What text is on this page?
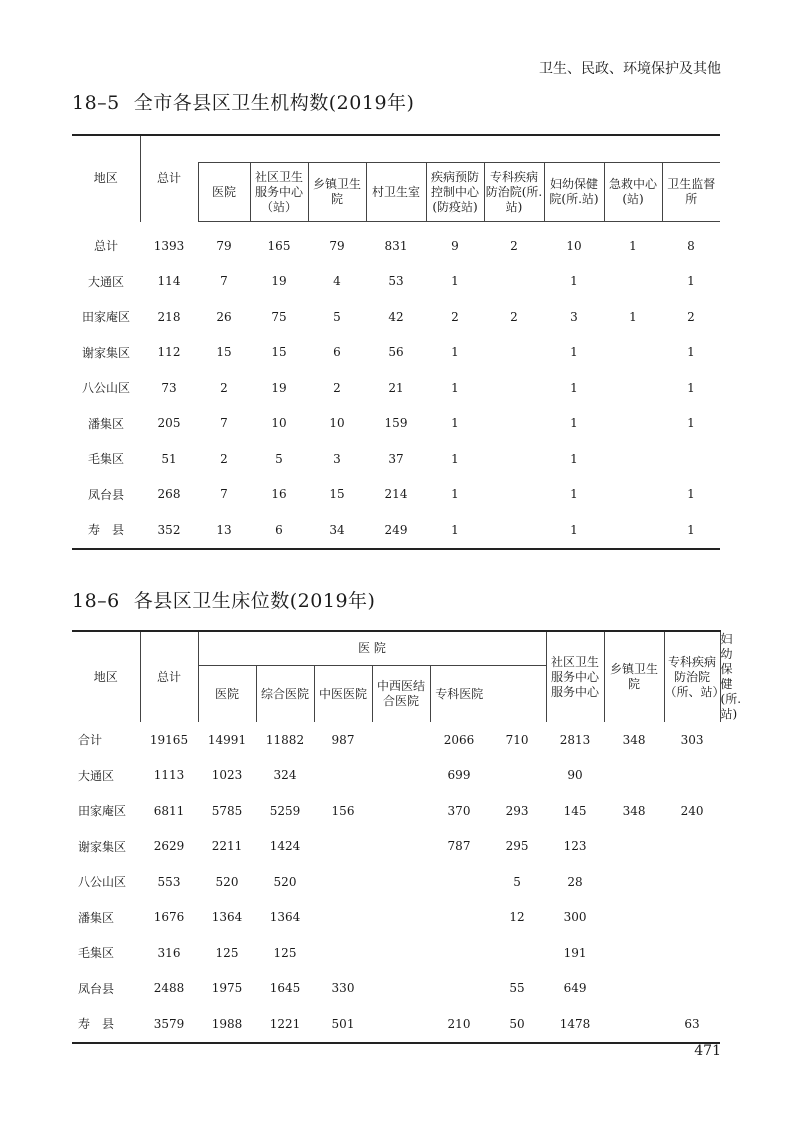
卫生、民政、环境保护及其他
18–5 全市各县区卫生机构数(2019年)
地区	总计									
		医院	社区卫生服务中心（站）	乡镇卫生院	村卫生室	疾病预防控制中心(防疫站)	专科疾病防治院(所.站)	妇幼保健院(所.站)	急救中心(站)	卫生监督所
总计	1393	79	165	79	831	9	2	10	1	8
大通区	114	7	19	4	53	1		1		1
田家庵区	218	26	75	5	42	2	2	3	1	2
谢家集区	112	15	15	6	56	1		1		1
八公山区	73	2	19	2	21	1		1		1
潘集区	205	7	10	10	159	1		1		1
毛集区	51	2	5	3	37	1		1		
凤台县	268	7	16	15	214	1		1		1
寿　县	352	13	6	34	249	1		1		1
18–6 各县区卫生床位数(2019年)
地区	总计	医 院						社区卫生服务中心服务中心	乡镇卫生院	专科疾病防治院（所、站）	妇幼保健(所.站)
		医院	综合医院	中医医院	中西医结合医院	专科医院					
合计	19165	14991	11882	987		2066	710	2813	348	303	
大通区	1113	1023	324			699		90			
田家庵区	6811	5785	5259	156		370	293	145	348	240	
谢家集区	2629	2211	1424			787	295	123			
八公山区	553	520	520				5	28			
潘集区	1676	1364	1364				12	300			
毛集区	316	125	125					191			
凤台县	2488	1975	1645	330			55	649			
寿　县	3579	1988	1221	501		210	50	1478		63	
471
